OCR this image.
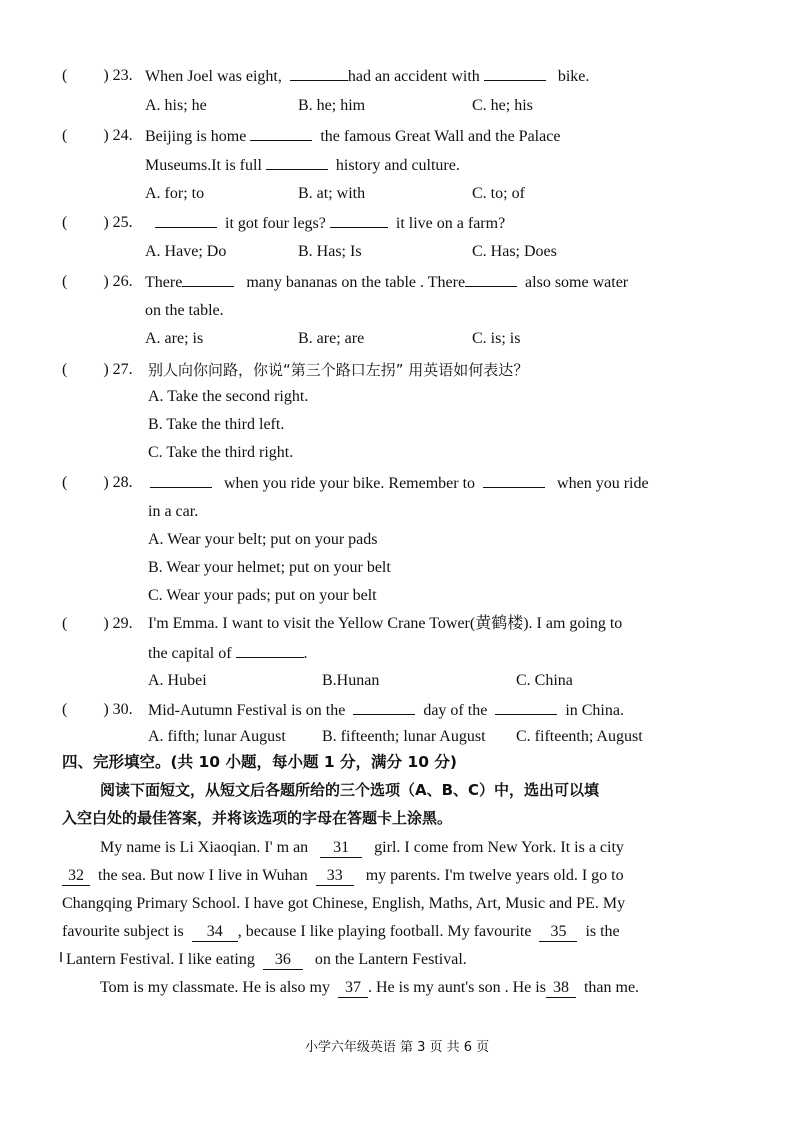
( ) 23. When Joel was eight,	had an accident with	bike.
A. his; he	B. he; him	C. he; his
( ) 24. Beijing is home	the famous Great Wall and the Palace
Museums.It is full	history and culture.
A. for; to	B. at; with	C. to; of
( ) 25.	it got four legs?	it live on a farm?
A. Have; Do	B. Has; Is	C. Has; Does
( ) 26. There	many bananas on the table . There	also some water
on the table.
A. are; is	B. are; are	C. is; is
( ) 27. 别人向你问路，你说“第三个路口左拐” 用英语如何表达？
A. Take the second right.
B. Take the third left.
C. Take the third right.
( ) 28.	when you ride your bike. Remember to	when you ride
in a car.
A. Wear your belt; put on your pads
B. Wear your helmet; put on your belt
C. Wear your pads; put on your belt
( ) 29. I'm Emma. I want to visit the Yellow Crane Tower(黄鹤楼). I am going to
the capital of	.
A. Hubei	B.Hunan	C. China
( ) 30. Mid-Autumn Festival is on the	day of the	in China.
A. fifth; lunar August B. fifteenth; lunar August C. fifteenth; August
四、完形填空。(共 10 小题，每小题 1 分，满分 10 分)
阅读下面短文，从短文后各题所给的三个选项（A、B、C）中，选出可以填
入空白处的最佳答案，并将该选项的字母在答题卡上涂黑。
My name is Li Xiaoqian. I' m an 31 girl. I come from New York. It is a city
32 the sea. But now I live in Wuhan 33 my parents. I'm twelve years old. I go to
Changqing Primary School. I have got Chinese, English, Maths, Art, Music and PE. My
favourite subject is 34 , because I like playing football. My favourite 35 is the
Lantern Festival. I like eating 36 on the Lantern Festival.
Tom is my classmate. He is also my 37 . He is my aunt's son . He is 38 than me.
小学六年级英语 第 3 页 共 6 页
